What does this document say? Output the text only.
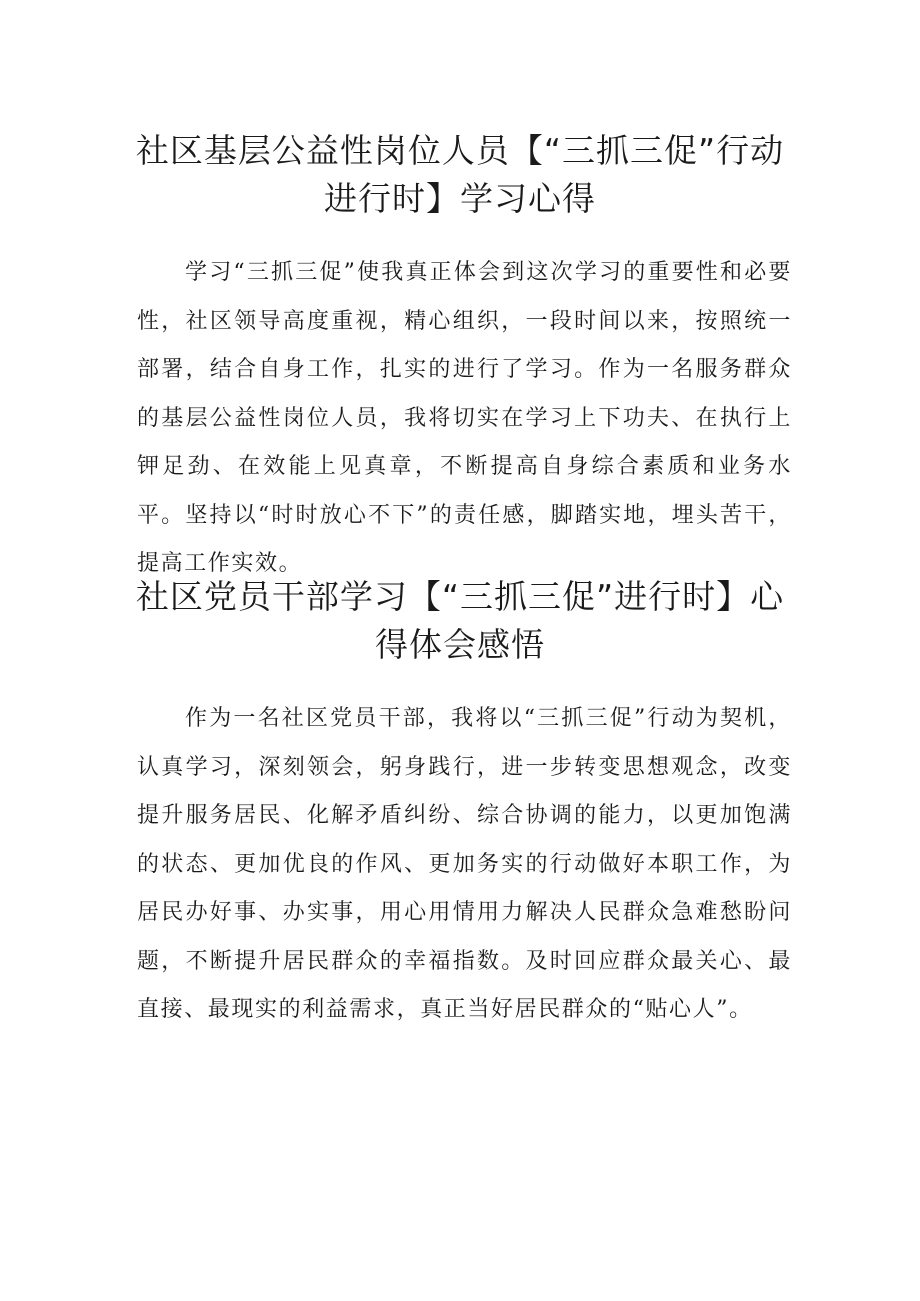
社区基层公益性岗位人员【“三抓三促”行动进行时】学习心得

学习“三抓三促”使我真正体会到这次学习的重要性和必要性，社区领导高度重视，精心组织，一段时间以来，按照统一部署，结合自身工作，扎实的进行了学习。作为一名服务群众的基层公益性岗位人员，我将切实在学习上下功夫、在执行上钾足劲、在效能上见真章，不断提高自身综合素质和业务水平。坚持以“时时放心不下”的责任感，脚踏实地，埋头苦干，提高工作实效。

社区党员干部学习【“三抓三促”进行时】心得体会感悟

作为一名社区党员干部，我将以“三抓三促”行动为契机，认真学习，深刻领会，躬身践行，进一步转变思想观念，改变提升服务居民、化解矛盾纠纷、综合协调的能力，以更加饱满的状态、更加优良的作风、更加务实的行动做好本职工作，为居民办好事、办实事，用心用情用力解决人民群众急难愁盼问题，不断提升居民群众的幸福指数。及时回应群众最关心、最直接、最现实的利益需求，真正当好居民群众的“贴心人”。
